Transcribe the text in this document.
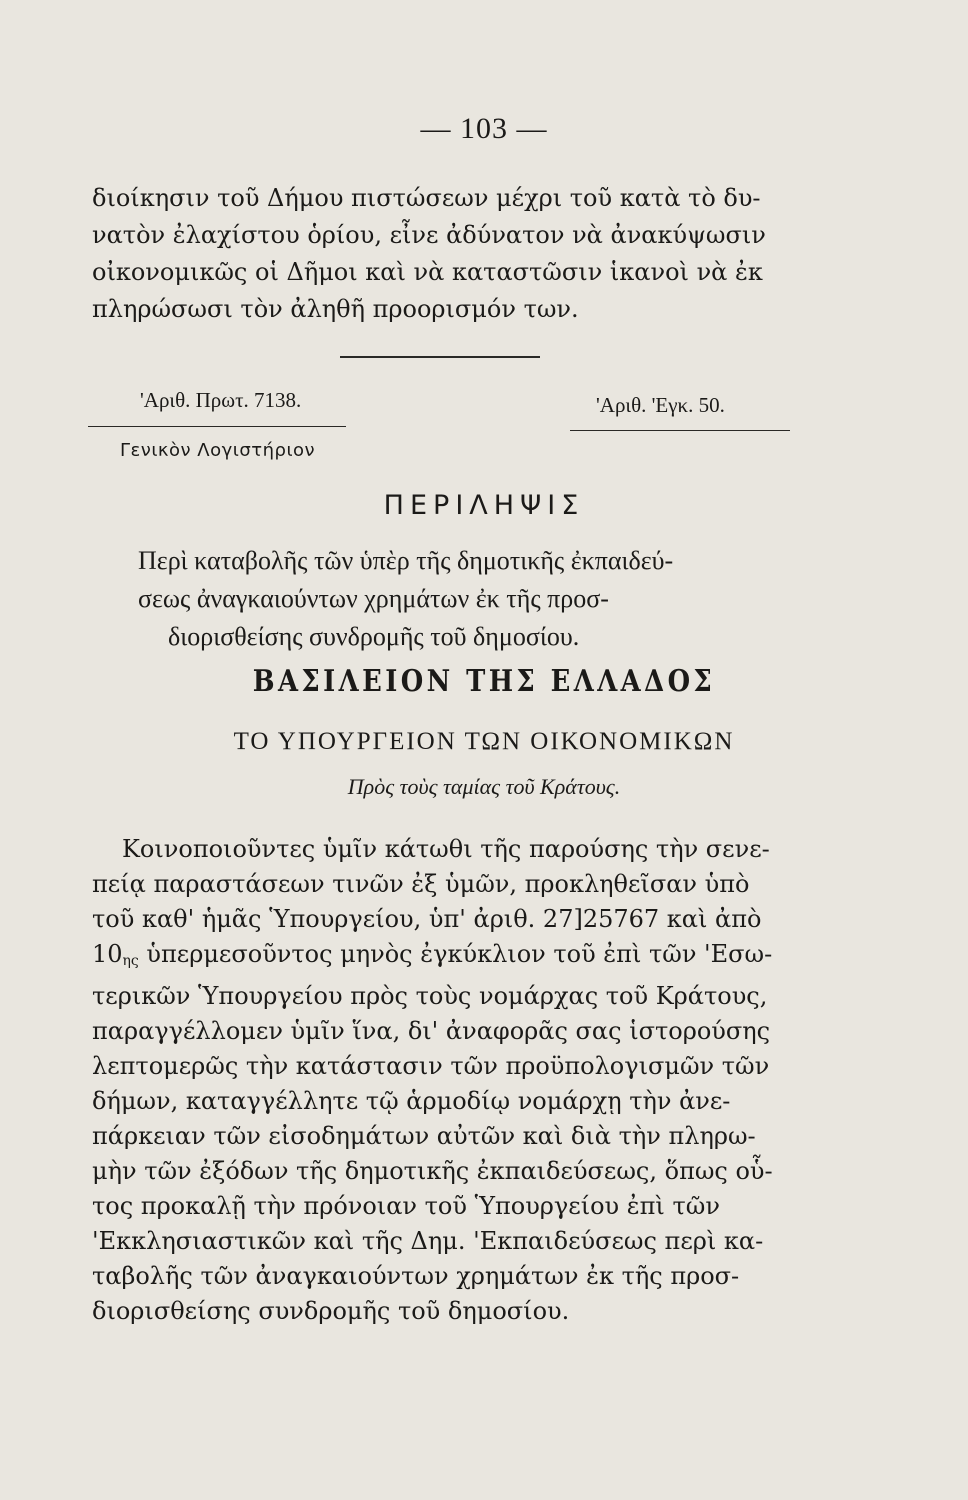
— 103 —
διοίκησιν τοῦ Δήμου πιστώσεων μέχρι τοῦ κατὰ τὸ δυ-
νατὸν ἐλαχίστου ὁρίου, εἶνε ἀδύνατον νὰ ἀνακύψωσιν
οἰκονομικῶς οἱ Δῆμοι καὶ νὰ καταστῶσιν ἱκανοὶ νὰ ἐκ
πληρώσωσι τὸν ἀληθῆ προορισμόν των.
'Αριθ. Πρωτ. 7138.	'Αριθ. 'Εγκ. 50.
Γενικὸν Λογιστήριον
ΠΕΡΙΛΗΨΙΣ
Περὶ καταβολῆς τῶν ὑπὲρ τῆς δημοτικῆς ἐκπαιδεύ-
σεως ἀναγκαιούντων χρημάτων ἐκ τῆς προσ-
διορισθείσης συνδρομῆς τοῦ δημοσίου.
ΒΑΣΙΛΕΙΟΝ ΤΗΣ ΕΛΛΑΔΟΣ
ΤΟ ΥΠΟΥΡΓΕΙΟΝ ΤΩΝ ΟΙΚΟΝΟΜΙΚΩΝ
Πρὸς τοὺς ταμίας τοῦ Κράτους.
Κοινοποιοῦντες ὑμῖν κάτωθι τῆς παρούσης τὴν σενε-
πείᾳ παραστάσεων τινῶν ἐξ ὑμῶν, προκληθεῖσαν ὑπὸ
τοῦ καθ' ἡμᾶς Ὑπουργείου, ὑπ' ἀριθ. 27]25767 καὶ ἀπὸ
$10_{\eta\varsigma}$ ὑπερμεσοῦντος μηνὸς ἐγκύκλιον τοῦ ἐπὶ τῶν 'Εσω-
τερικῶν Ὑπουργείου πρὸς τοὺς νομάρχας τοῦ Κράτους,
παραγγέλλομεν ὑμῖν ἵνα, δι' ἀναφορᾶς σας ἱστορούσης
λεπτομερῶς τὴν κατάστασιν τῶν προϋπολογισμῶν τῶν
δήμων, καταγγέλλητε τῷ ἁρμοδίῳ νομάρχῃ τὴν ἀνε-
πάρκειαν τῶν εἰσοδημάτων αὐτῶν καὶ διὰ τὴν πληρω-
μὴν τῶν ἐξόδων τῆς δημοτικῆς ἐκπαιδεύσεως, ὅπως οὗ-
τος προκαλῇ τὴν πρόνοιαν τοῦ Ὑπουργείου ἐπὶ τῶν
'Εκκλησιαστικῶν καὶ τῆς Δημ. 'Εκπαιδεύσεως περὶ κα-
ταβολῆς τῶν ἀναγκαιούντων χρημάτων ἐκ τῆς προσ-
διορισθείσης συνδρομῆς τοῦ δημοσίου.
